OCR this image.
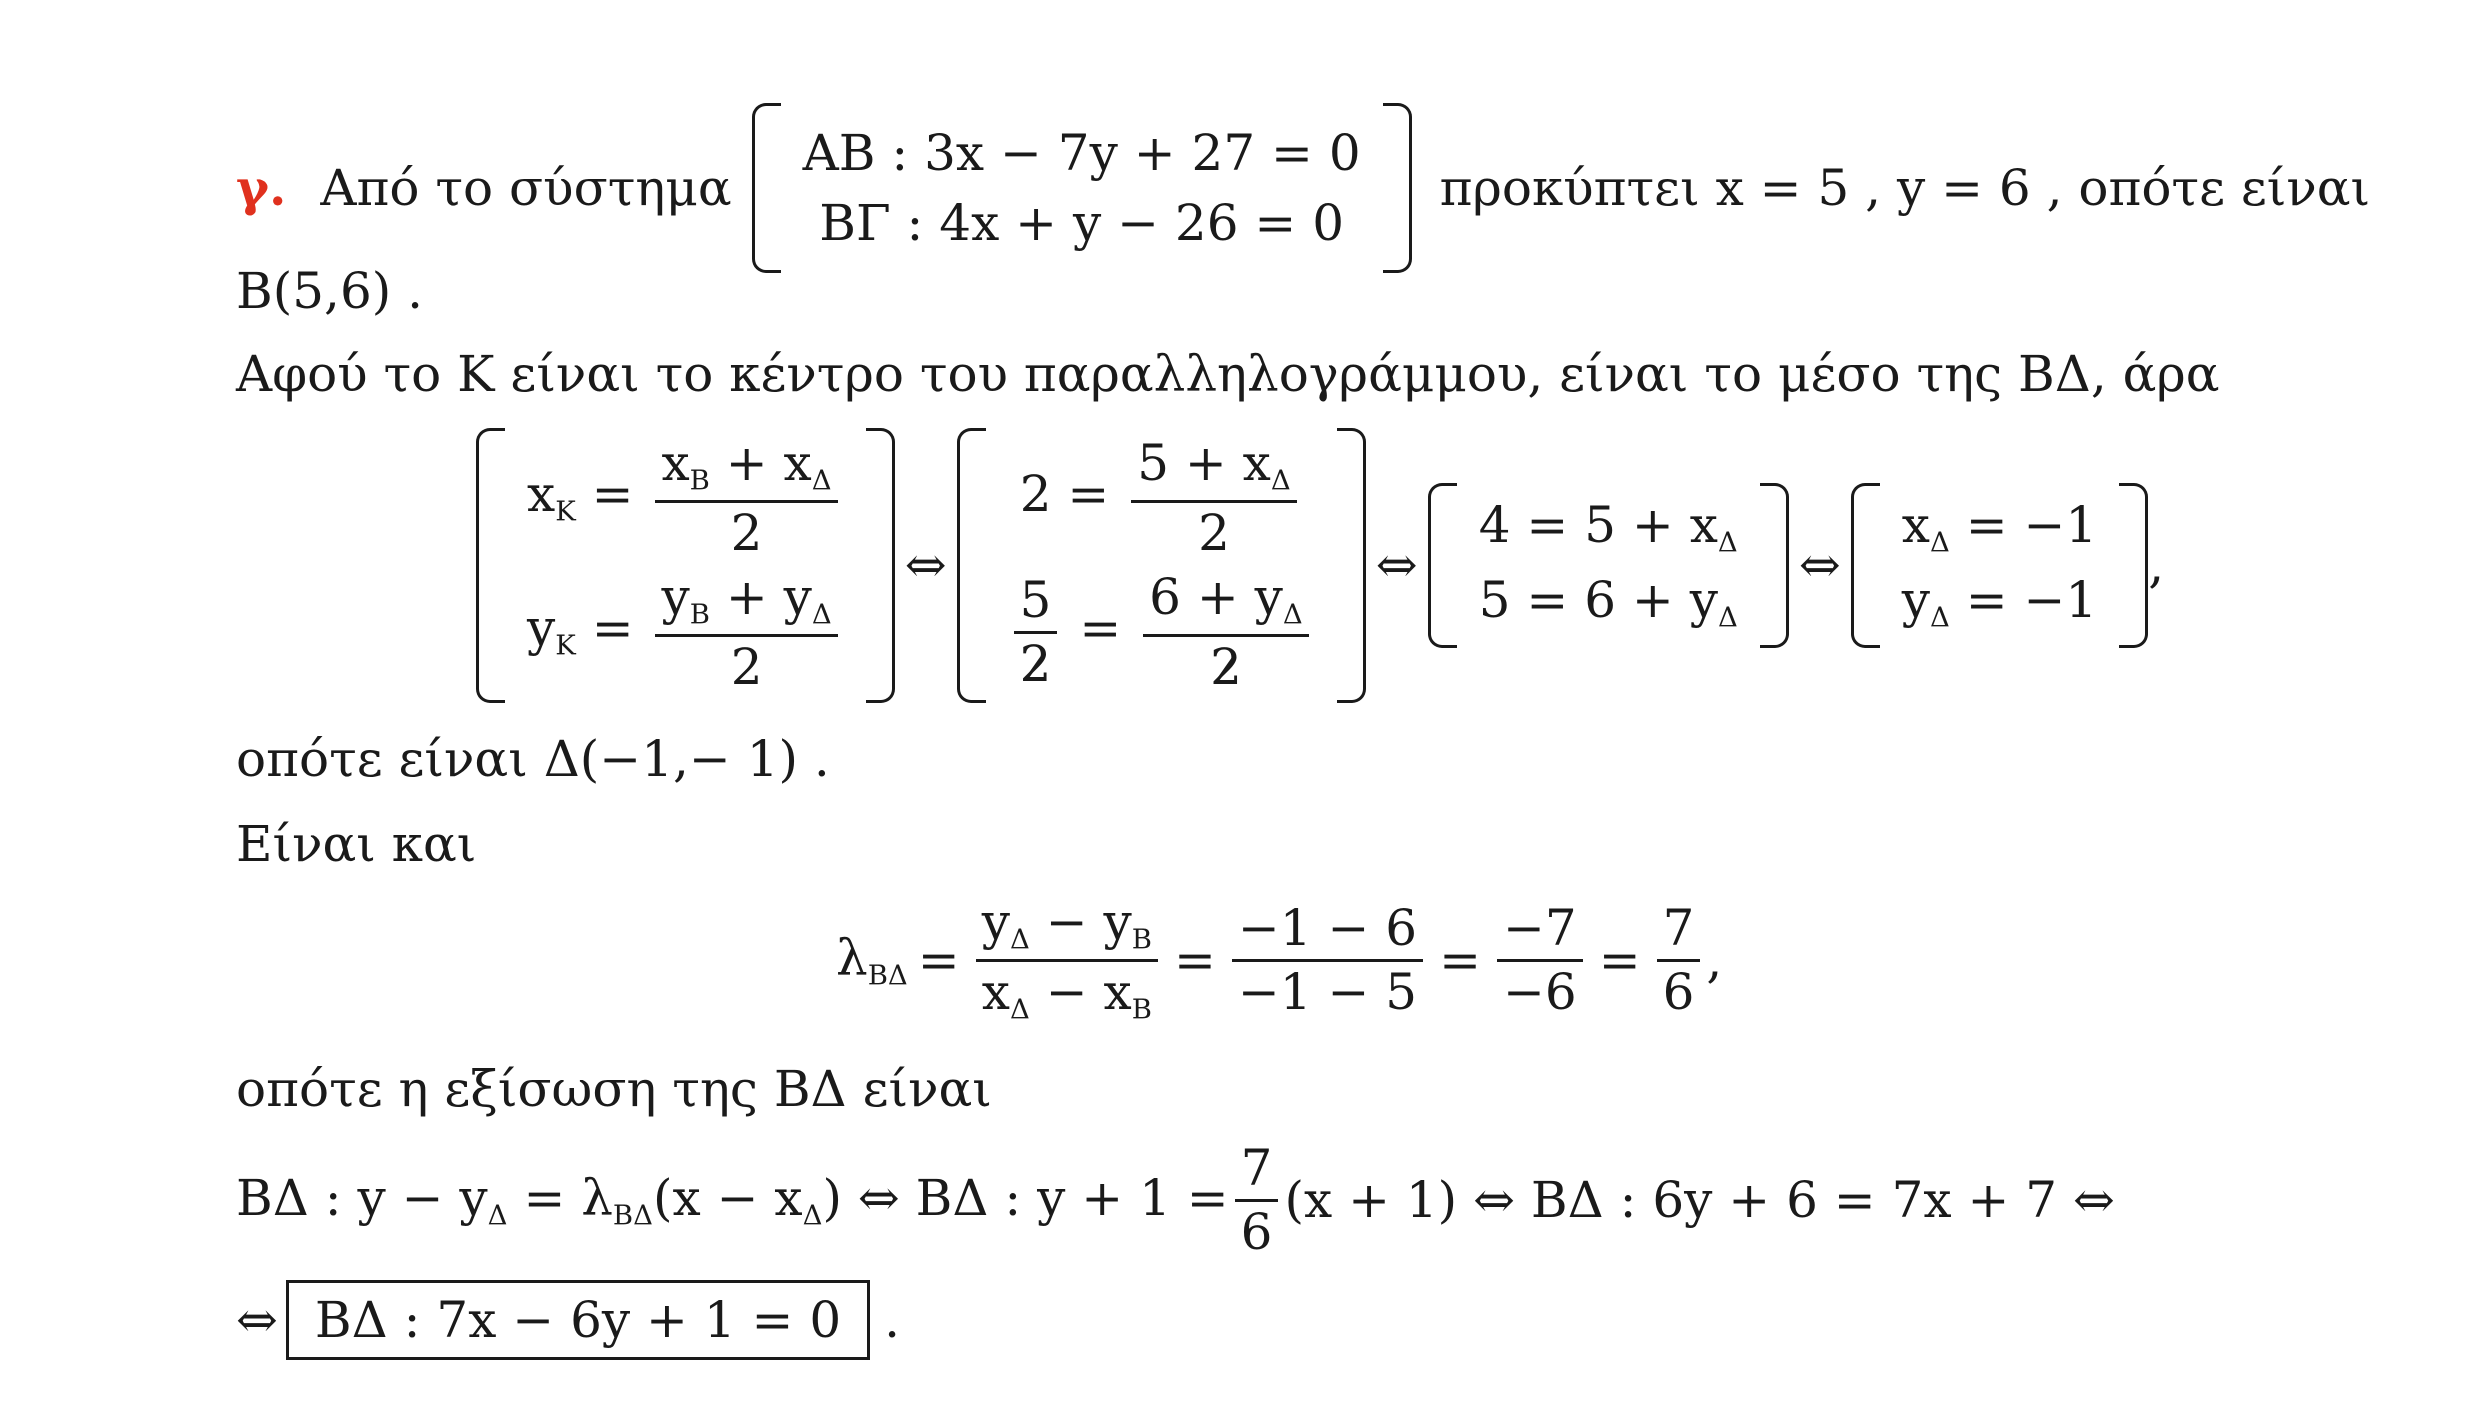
γ. Από το σύστημα
AB : 3x − 7y + 27 = 0
BΓ : 4x + y − 26 = 0
προκύπτει x = 5 , y = 6 , οπότε είναι
B(5,6) .
Αφού το K είναι το κέντρο του παραλληλογράμμου, είναι το μέσο της BΔ, άρα
$x_K = \frac{x_B + x_\Delta}{2}$
$y_K = \frac{y_B + y_\Delta}{2}$
⇔
$2 = \frac{5 + x_\Delta}{2}$
$\frac{5}{2} = \frac{6 + y_\Delta}{2}$
⇔
$4 = 5 + x_\Delta$
$5 = 6 + y_\Delta$
⇔
$x_\Delta = -1$
$y_\Delta = -1$
,
οπότε είναι Δ(−1,− 1) .
Είναι και
$\lambda_{B\Delta} = \frac{y_\Delta - y_B}{x_\Delta - x_B} = \frac{-1 - 6}{-1 - 5} = \frac{-7}{-6} = \frac{7}{6}$ ,
οπότε η εξίσωση της BΔ είναι
BΔ : $y - y_\Delta = \lambda_{B\Delta}(x - x_\Delta)$ ⇔ BΔ : $y + 1 = \frac{7}{6} (x + 1)$ ⇔ BΔ : 6y + 6 = 7x + 7 ⇔
⇔ BΔ : 7x − 6y + 1 = 0 .
